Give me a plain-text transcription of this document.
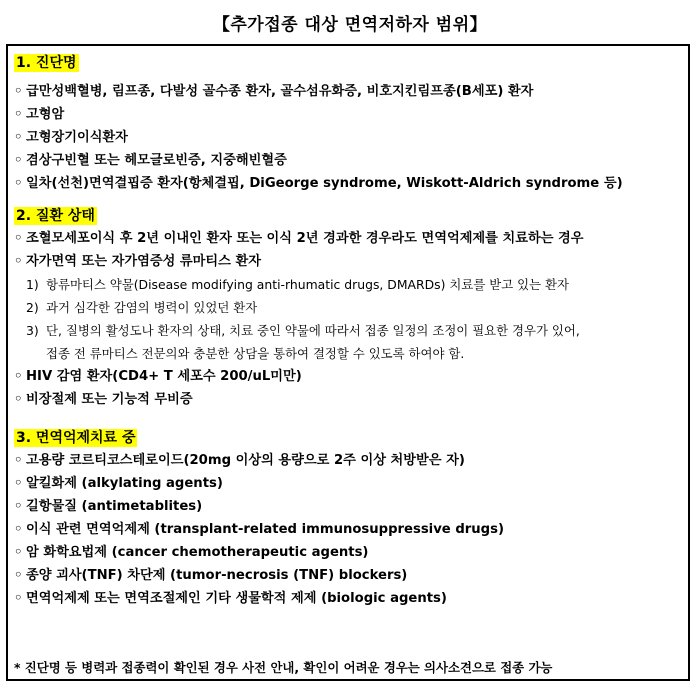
【추가접종 대상 면역저하자 범위】
1. 진단명
◦ 급만성백혈병, 림프종, 다발성 골수종 환자, 골수섬유화증, 비호지킨림프종(B세포) 환자
◦ 고형암
◦ 고형장기이식환자
◦ 겸상구빈혈 또는 헤모글로빈증, 지중해빈혈증
◦ 일차(선천)면역결핍증 환자(항체결핍, DiGeorge syndrome, Wiskott-Aldrich syndrome 등)
2. 질환 상태
◦ 조혈모세포이식 후 2년 이내인 환자 또는 이식 2년 경과한 경우라도 면역억제제를 치료하는 경우
◦ 자가면역 또는 자가염증성 류마티스 환자
1) 항류마티스 약물(Disease modifying anti-rhumatic drugs, DMARDs) 치료를 받고 있는 환자
2) 과거 심각한 감염의 병력이 있었던 환자
3) 단, 질병의 활성도나 환자의 상태, 치료 중인 약물에 따라서 접종 일정의 조정이 필요한 경우가 있어,
접종 전 류마티스 전문의와 충분한 상담을 통하여 결정할 수 있도록 하여야 함.
◦ HIV 감염 환자(CD4+ T 세포수 200/uL미만)
◦ 비장절제 또는 기능적 무비증
3. 면역억제치료 중
◦ 고용량 코르티코스테로이드(20mg 이상의 용량으로 2주 이상 처방받은 자)
◦ 알킬화제 (alkylating agents)
◦ 길항물질 (antimetablites)
◦ 이식 관련 면역억제제 (transplant-related immunosuppressive drugs)
◦ 암 화학요법제 (cancer chemotherapeutic agents)
◦ 종양 괴사(TNF) 차단제 (tumor-necrosis (TNF) blockers)
◦ 면역억제제 또는 면역조절제인 기타 생물학적 제제 (biologic agents)
* 진단명 등 병력과 접종력이 확인된 경우 사전 안내, 확인이 어려운 경우는 의사소견으로 접종 가능
